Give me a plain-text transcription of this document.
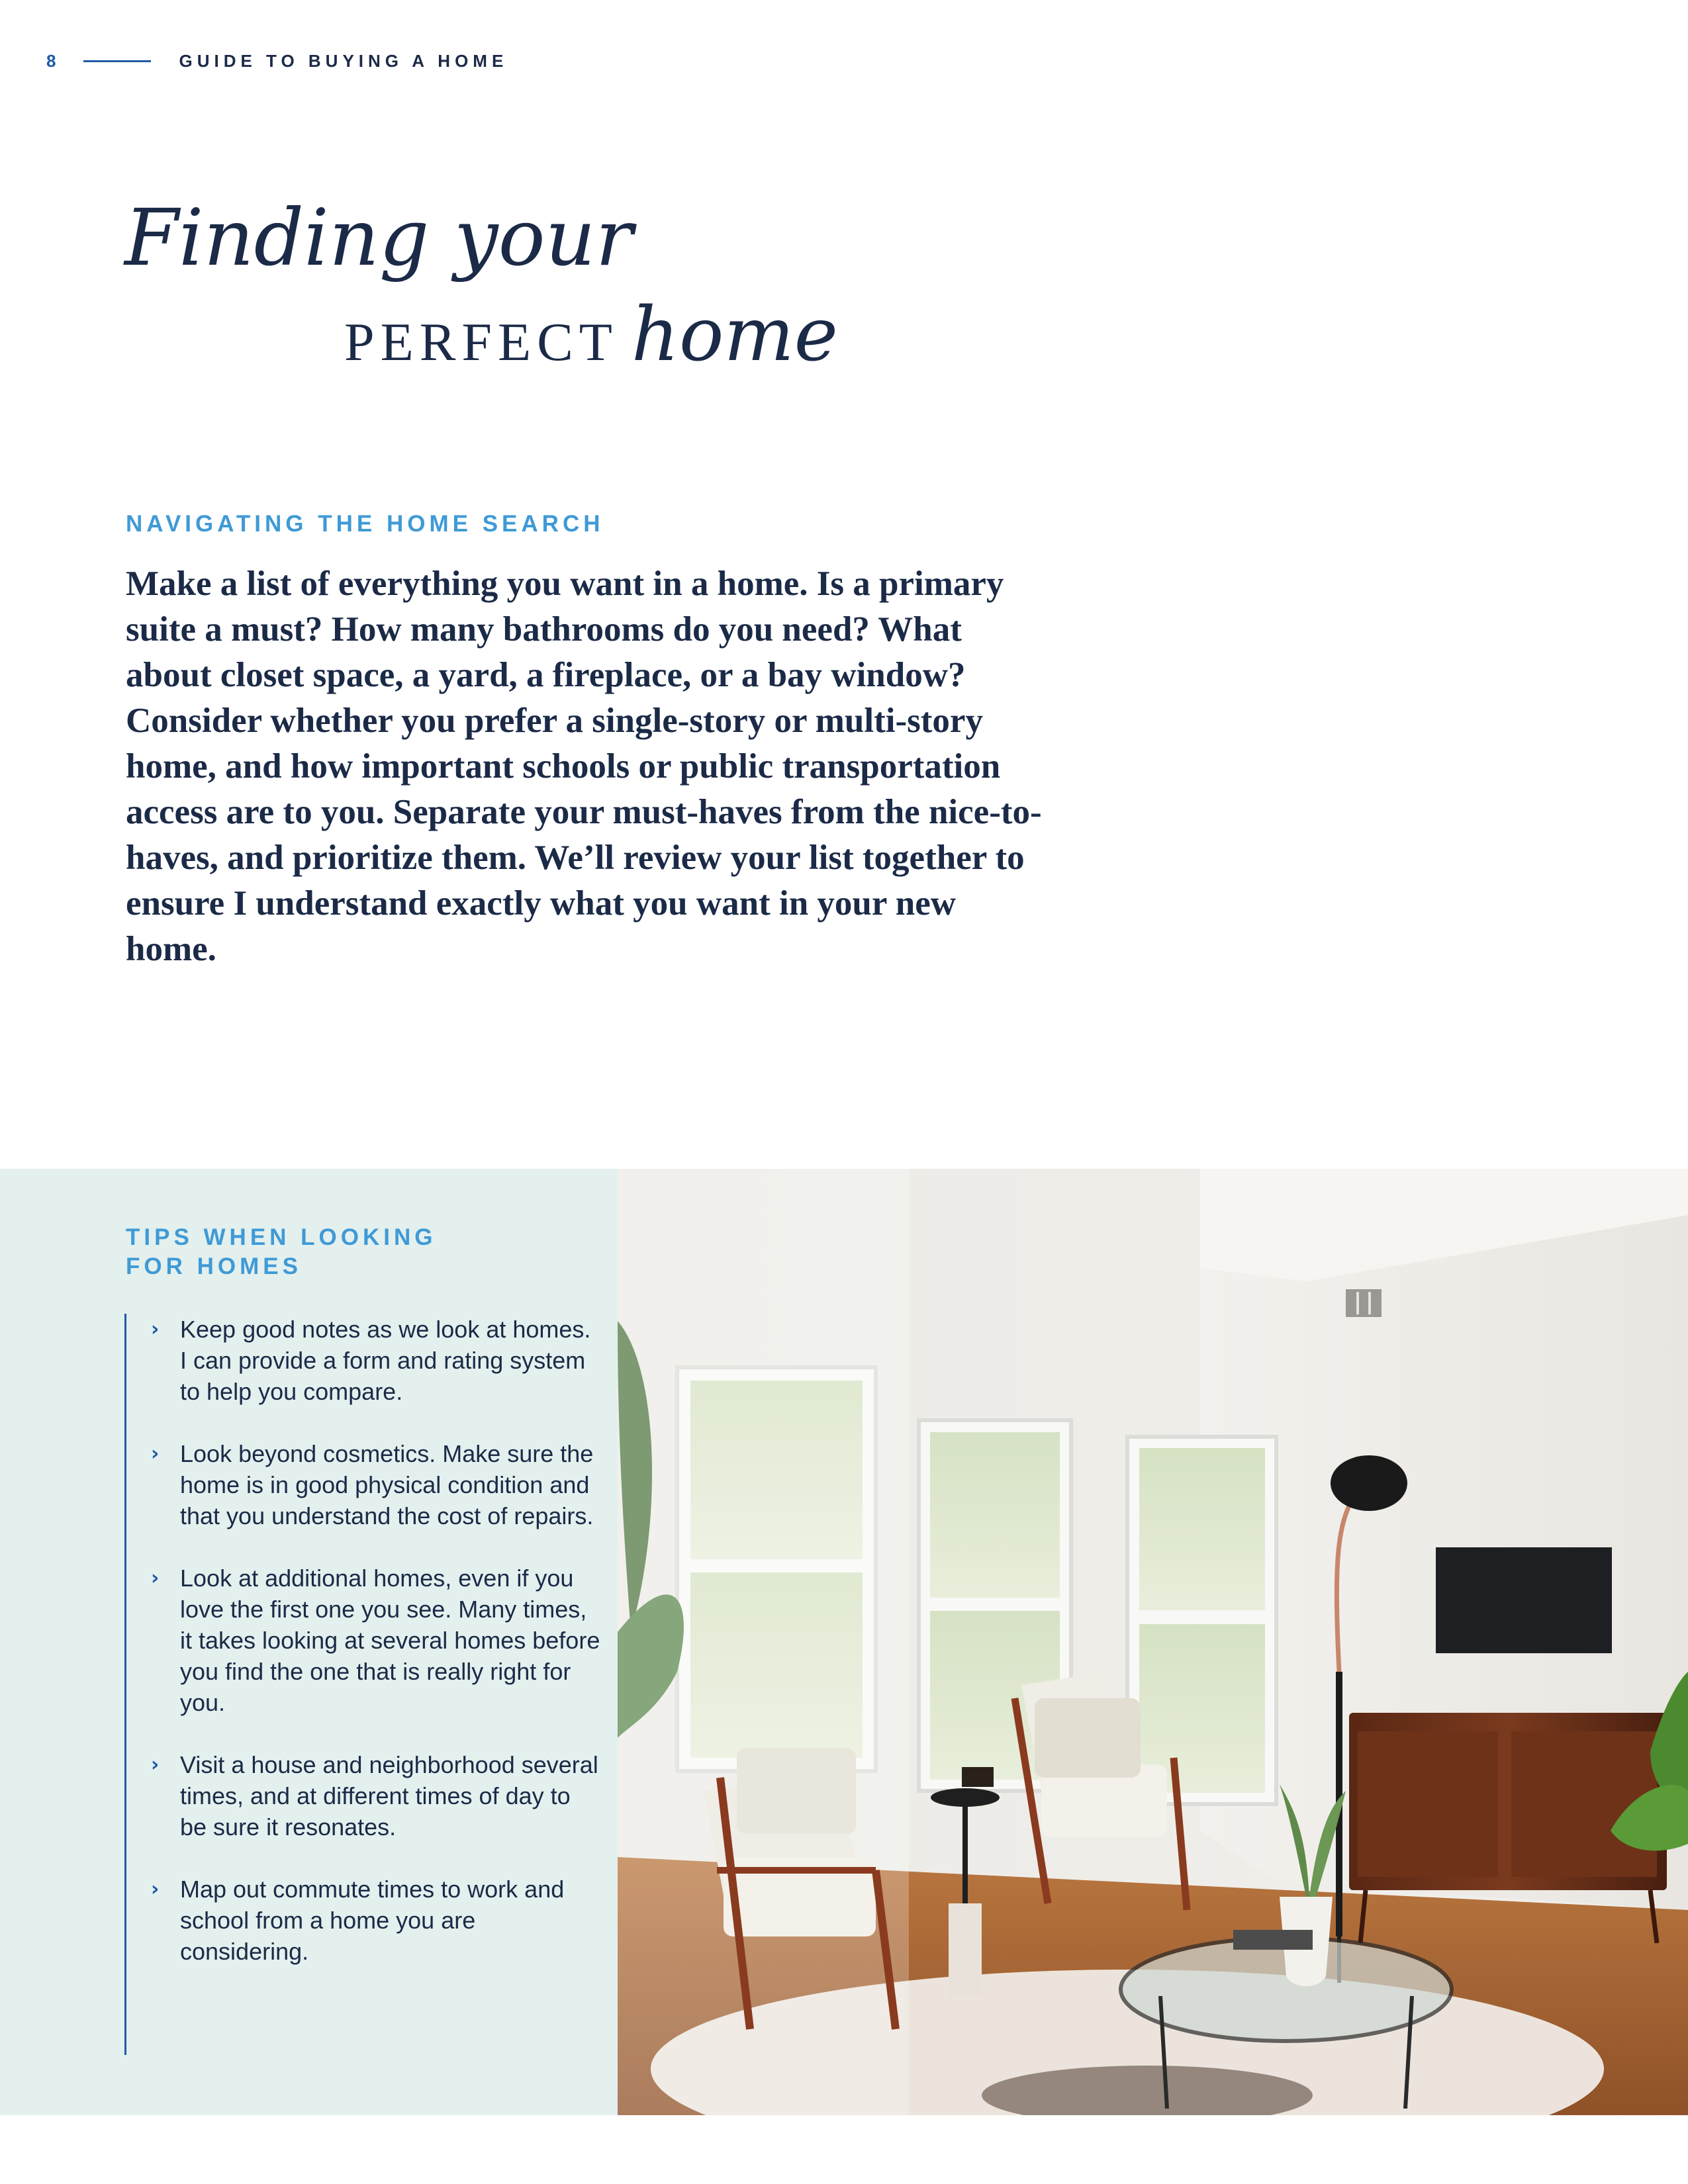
8	GUIDE TO BUYING A HOME
Finding your
PERFECT home
NAVIGATING THE HOME SEARCH

Make a list of everything you want in a home. Is a primary suite a must? How many bathrooms do you need? What about closet space, a yard, a fireplace, or a bay window? Consider whether you prefer a single-story or multi-story home, and how important schools or public transportation access are to you. Separate your must-haves from the nice-to-haves, and prioritize them. We’ll review your list together to ensure I understand exactly what you want in your new home.

TIPS WHEN LOOKING
FOR HOMES
› Keep good notes as we look at homes. I can provide a form and rating system to help you compare.
› Look beyond cosmetics. Make sure the home is in good physical condition and that you understand the cost of repairs.
› Look at additional homes, even if you love the first one you see. Many times, it takes looking at several homes before you find the one that is really right for you.
› Visit a house and neighborhood several times, and at different times of day to be sure it resonates.
› Map out commute times to work and school from a home you are considering.
